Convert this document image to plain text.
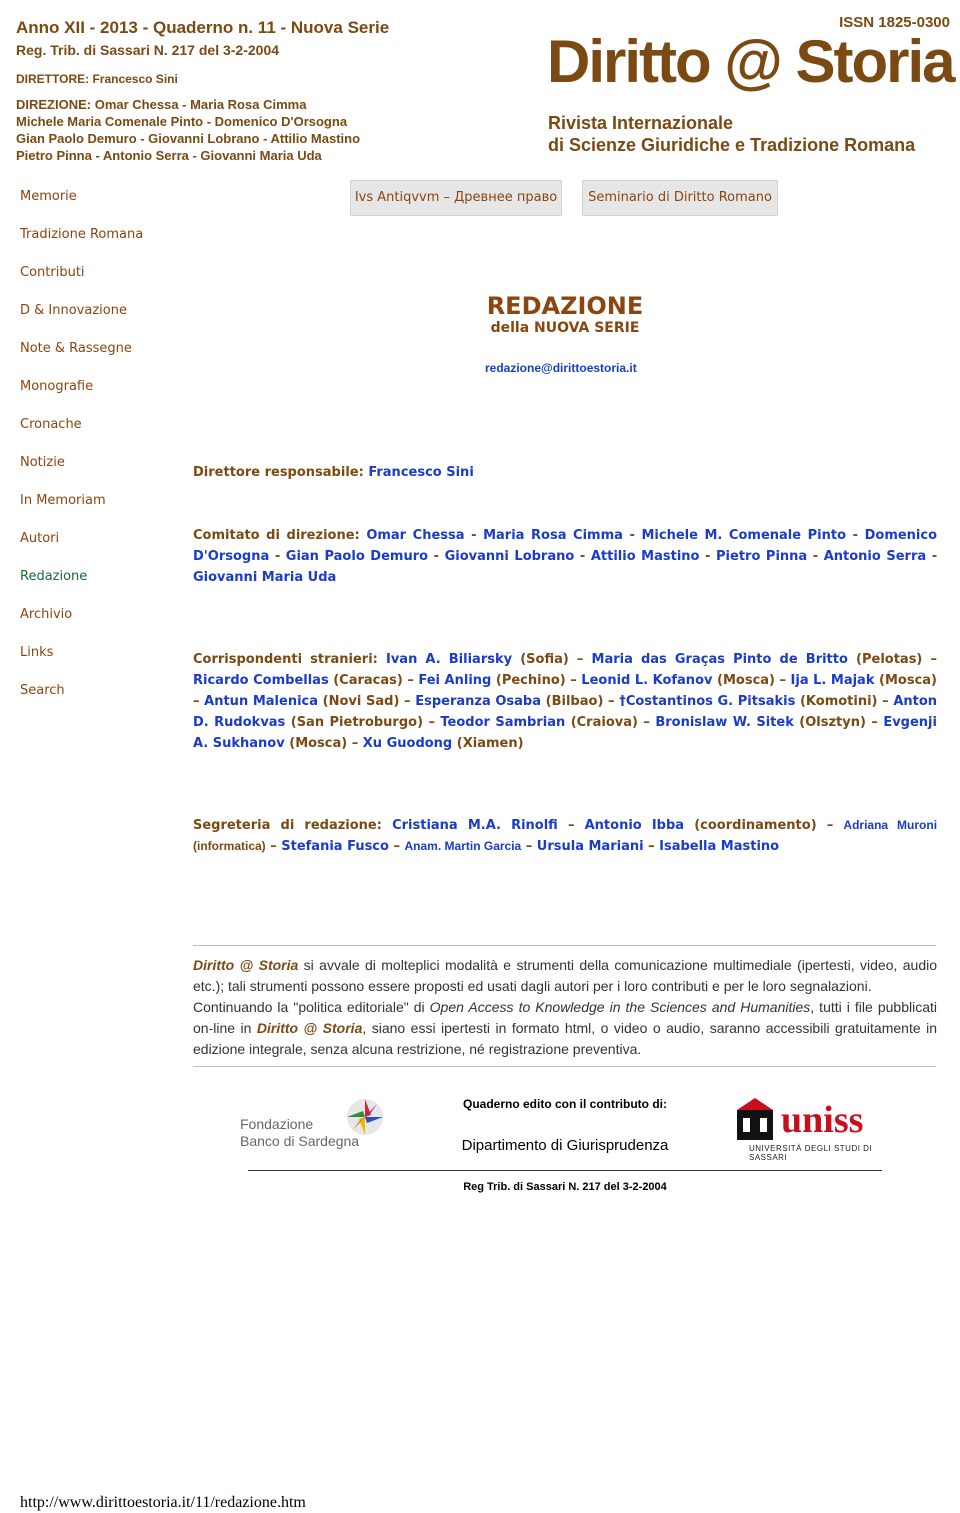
Anno XII - 2013 - Quaderno n. 11 - Nuova Serie
Reg. Trib. di Sassari N. 217 del 3-2-2004
DIRETTORE: Francesco Sini
DIREZIONE: Omar Chessa - Maria Rosa Cimma
Michele Maria Comenale Pinto - Domenico D'Orsogna
Gian Paolo Demuro - Giovanni Lobrano - Attilio Mastino
Pietro Pinna - Antonio Serra - Giovanni Maria Uda
ISSN 1825-0300
Diritto @ Storia
Rivista Internazionale
di Scienze Giuridiche e Tradizione Romana
Memorie
Tradizione Romana
Contributi
D & Innovazione
Note & Rassegne
Monografie
Cronache
Notizie
In Memoriam
Autori
Redazione
Archivio
Links
Search
Ivs Antiqvvm – Древнее право	Seminario di Diritto Romano
REDAZIONE
della NUOVA SERIE
redazione@dirittoestoria.it
Direttore responsabile: Francesco Sini
Comitato di direzione: Omar Chessa - Maria Rosa Cimma - Michele M. Comenale Pinto - Domenico D'Orsogna - Gian Paolo Demuro - Giovanni Lobrano - Attilio Mastino - Pietro Pinna - Antonio Serra - Giovanni Maria Uda
Corrispondenti stranieri: Ivan A. Biliarsky (Sofia) – Maria das Graças Pinto de Britto (Pelotas) – Ricardo Combellas (Caracas) – Fei Anling (Pechino) – Leonid L. Kofanov (Mosca) – Ija L. Majak (Mosca) – Antun Malenica (Novi Sad) – Esperanza Osaba (Bilbao) – †Costantinos G. Pitsakis (Komotini) – Anton D. Rudokvas (San Pietroburgo) – Teodor Sambrian (Craiova) – Bronislaw W. Sitek (Olsztyn) – Evgenji A. Sukhanov (Mosca) – Xu Guodong (Xiamen)
Segreteria di redazione: Cristiana M.A. Rinolfi – Antonio Ibba (coordinamento) – Adriana Muroni (informatica) – Stefania Fusco – Anam. Martin Garcia – Ursula Mariani – Isabella Mastino
Diritto @ Storia si avvale di molteplici modalità e strumenti della comunicazione multimediale (ipertesti, video, audio etc.); tali strumenti possono essere proposti ed usati dagli autori per i loro contributi e per le loro segnalazioni.
Continuando la "politica editoriale" di Open Access to Knowledge in the Sciences and Humanities, tutti i file pubblicati on-line in Diritto @ Storia, siano essi ipertesti in formato html, o video o audio, saranno accessibili gratuitamente in edizione integrale, senza alcuna restrizione, né registrazione preventiva.
Fondazione
Banco di Sardegna
Quaderno edito con il contributo di:
Dipartimento di Giurisprudenza
uniss
UNIVERSITÀ DEGLI STUDI DI SASSARI
Reg Trib. di Sassari N. 217 del 3-2-2004
http://www.dirittoestoria.it/11/redazione.htm
